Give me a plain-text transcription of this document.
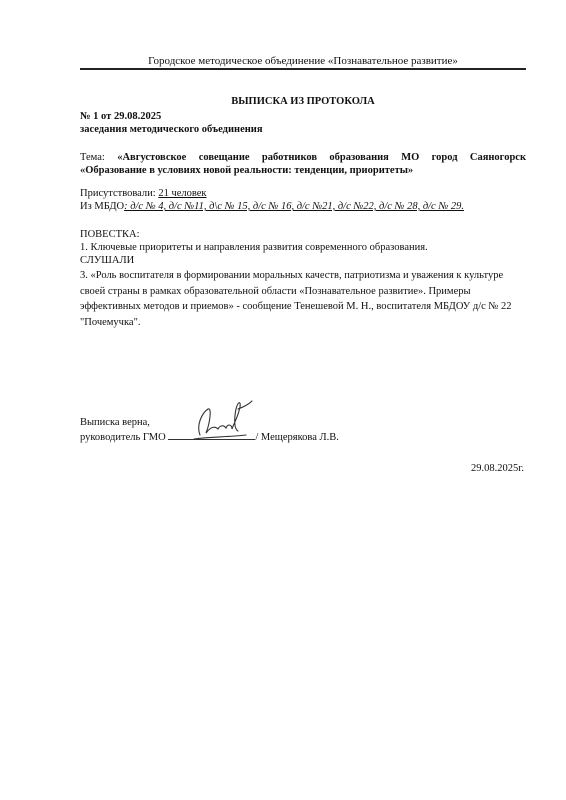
Городское методическое объединение «Познавательное развитие»
ВЫПИСКА ИЗ ПРОТОКОЛА
№ 1 от 29.08.2025
заседания методического объединения
Тема: «Августовское совещание работников образования МО город Саяногорск «Образование в условиях новой реальности: тенденции, приоритеты»
Присутствовали: 21 человек
Из МБДО: д/с № 4, д/с №11, д\с № 15, д/с № 16, д/с №21, д/с №22, д/с № 28, д/с № 29.
ПОВЕСТКА:
1. Ключевые приоритеты и направления развития современного образования.
СЛУШАЛИ
3. «Роль воспитателя в формировании моральных качеств, патриотизма и уважения к культуре своей страны в рамках образовательной области «Познавательное развитие». Примеры эффективных методов и приемов» - сообщение Тенешевой М. Н., воспитателя МБДОУ д/с № 22 "Почемучка".
Выписка верна,
руководитель ГМО	/ Мещерякова Л.В.
29.08.2025г.
